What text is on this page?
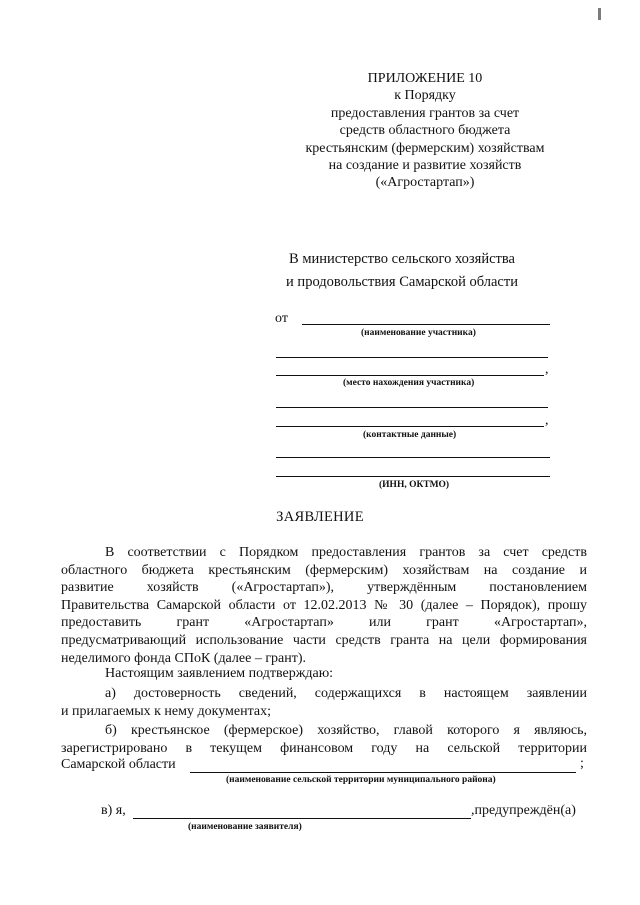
ПРИЛОЖЕНИЕ 10
к Порядку
предоставления грантов за счет
средств областного бюджета
крестьянским (фермерским) хозяйствам
на создание и развитие хозяйств
(«Агростартап»)
В министерство сельского хозяйства
и продовольствия Самарской области
от
(наименование участника)
,
(место нахождения участника)
,
(контактные данные)
(ИНН, ОКТМО)
ЗАЯВЛЕНИЕ
В соответствии с Порядком предоставления грантов за счет средств
областного бюджета крестьянским (фермерским) хозяйствам на создание и
развитие хозяйств («Агростартап»), утверждённым постановлением
Правительства Самарской области от 12.02.2013 № 30 (далее – Порядок), прошу
предоставить грант «Агростартап» или грант «Агростартап»,
предусматривающий использование части средств гранта на цели формирования
неделимого фонда СПоК (далее – грант).
Настоящим заявлением подтверждаю:
а) достоверность сведений, содержащихся в настоящем заявлении
и прилагаемых к нему документах;
б) крестьянское (фермерское) хозяйство, главой которого я являюсь,
зарегистрировано в текущем финансовом году на сельской территории
Самарской области	;
(наименование сельской территории муниципального района)
в) я,	,предупреждён(а)
(наименование заявителя)
